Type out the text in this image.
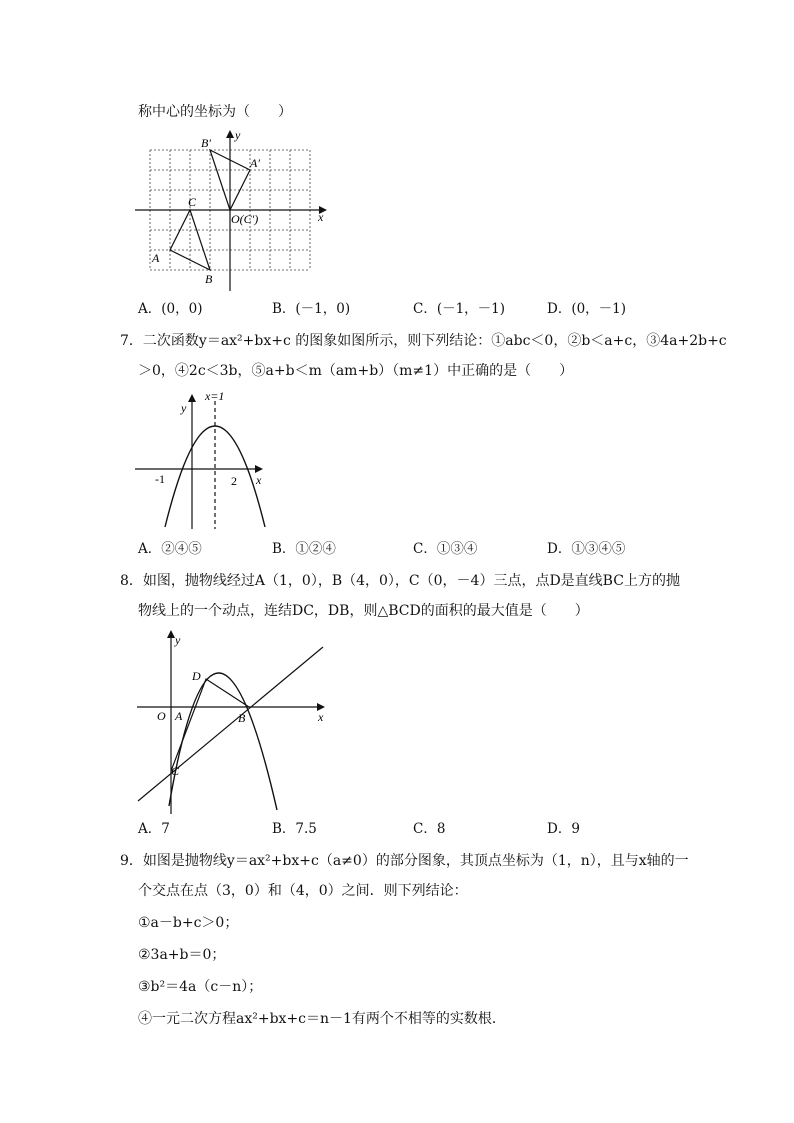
称中心的坐标为（　　）
B′
y
A′
C
O(C′)	x
A
B
A．(0，0)	B．(－1，0)	C．(－1，－1)	D．(0，－1)
7．二次函数y＝ax²+bx+c 的图象如图所示，则下列结论：①abc＜0，②b＜a+c，③4a+2b+c
＞0，④2c＜3b，⑤a+b＜m（am+b）（m≠1）中正确的是（　　）
y
x=1
-1	2 x
A．②④⑤	B．①②④	C．①③④	D．①③④⑤
8．如图，抛物线经过A（1，0），B（4，0），C（0，－4）三点，点D是直线BC上方的抛
物线上的一个动点，连结DC，DB，则△BCD的面积的最大值是（　　）
y
D
O A	B	x
C
A．7	B．7.5	C．8	D．9
9．如图是抛物线y＝ax²+bx+c（a≠0）的部分图象，其顶点坐标为（1，n），且与x轴的一
个交点在点（3，0）和（4，0）之间．则下列结论：
①a－b+c＞0；
②3a+b＝0；
③b²＝4a（c－n）；
④一元二次方程ax²+bx+c＝n－1有两个不相等的实数根．
